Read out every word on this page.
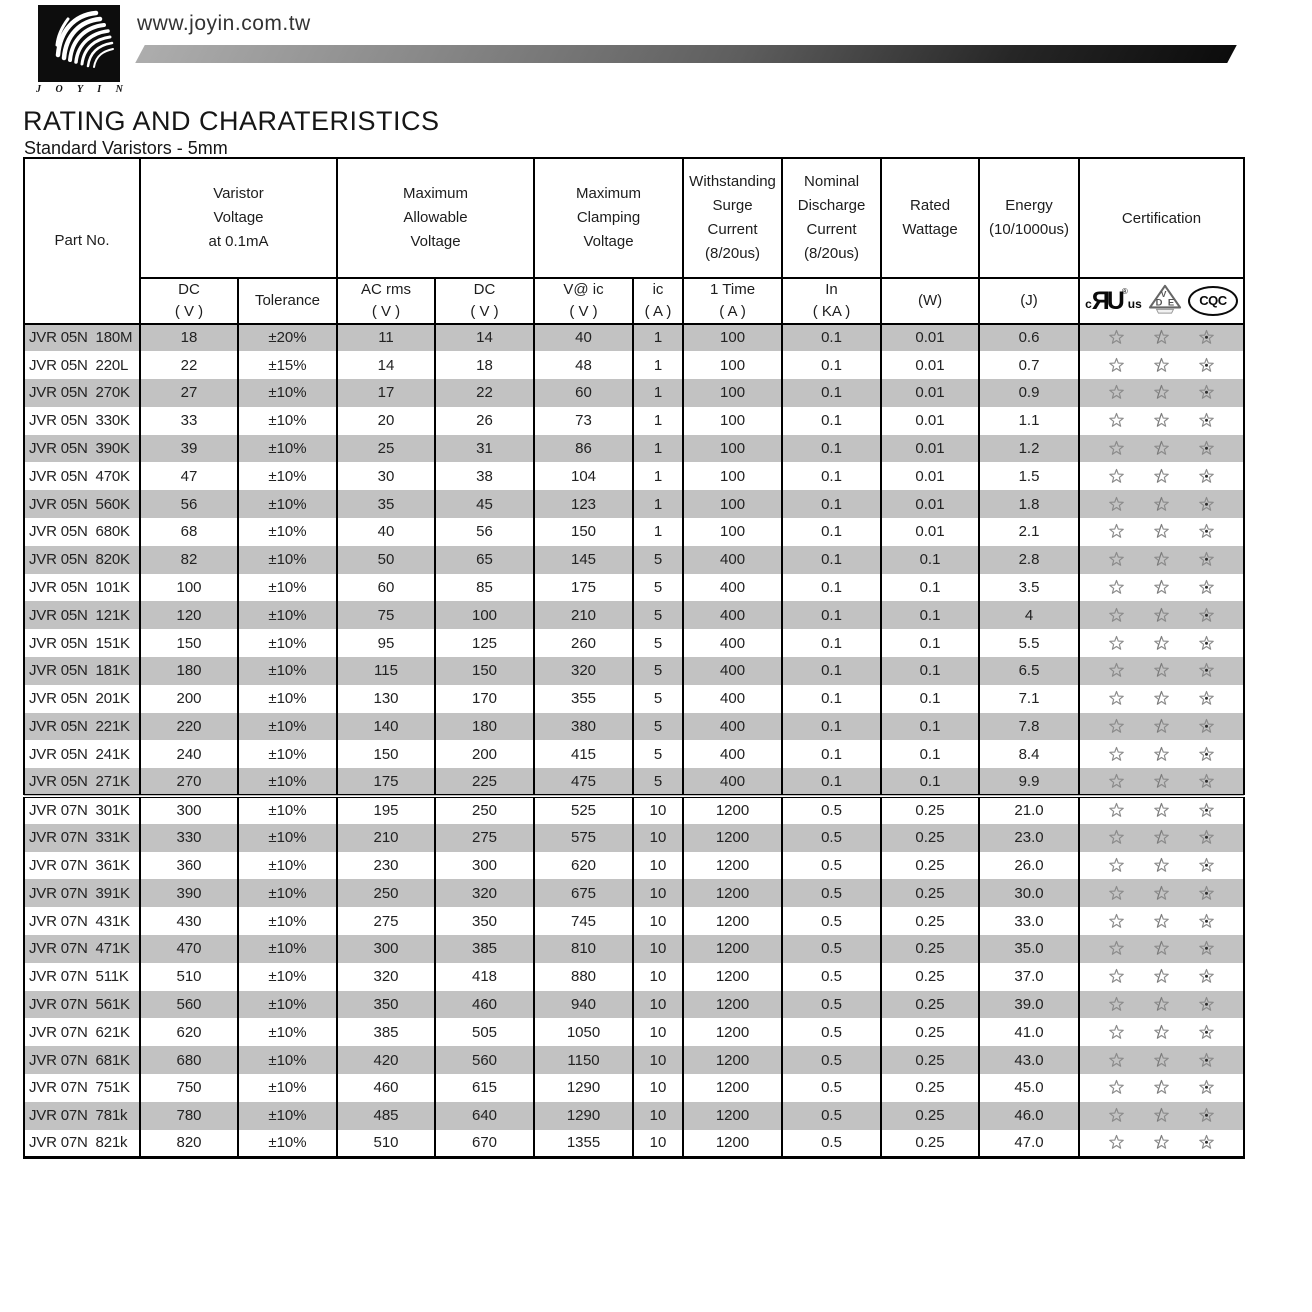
J O Y I N
www.joyin.com.tw
RATING AND CHARATERISTICS
Standard Varistors - 5mm
Part No.

Varistor
Voltage
at 0.1mA

Maximum
Allowable
Voltage

Maximum
Clamping
Voltage

Withstanding
Surge
Current
(8/20us)

Nominal
Discharge
Current
(8/20us)

Rated
Wattage

Energy
(10/1000us)

Certification

DC
( V )

Tolerance

AC rms
( V )

DC
( V )

V@ ic
( V )

ic
( A )

1 Time
( A )

In
( KA )

(W)	(J)	c ЯU ®
us
V
D E CQC

JVR 05N  180M	18	±20%	11	14	40	1	100	0.1	0.01	0.6	

JVR 05N  220L	22	±15%	14	18	48	1	100	0.1	0.01	0.7	

JVR 05N  270K	27	±10%	17	22	60	1	100	0.1	0.01	0.9	

JVR 05N  330K	33	±10%	20	26	73	1	100	0.1	0.01	1.1	

JVR 05N  390K	39	±10%	25	31	86	1	100	0.1	0.01	1.2	

JVR 05N  470K	47	±10%	30	38	104	1	100	0.1	0.01	1.5	

JVR 05N  560K	56	±10%	35	45	123	1	100	0.1	0.01	1.8	

JVR 05N  680K	68	±10%	40	56	150	1	100	0.1	0.01	2.1	

JVR 05N  820K	82	±10%	50	65	145	5	400	0.1	0.1	2.8	

JVR 05N  101K	100	±10%	60	85	175	5	400	0.1	0.1	3.5	

JVR 05N  121K	120	±10%	75	100	210	5	400	0.1	0.1	4	

JVR 05N  151K	150	±10%	95	125	260	5	400	0.1	0.1	5.5	

JVR 05N  181K	180	±10%	115	150	320	5	400	0.1	0.1	6.5	

JVR 05N  201K	200	±10%	130	170	355	5	400	0.1	0.1	7.1	

JVR 05N  221K	220	±10%	140	180	380	5	400	0.1	0.1	7.8	

JVR 05N  241K	240	±10%	150	200	415	5	400	0.1	0.1	8.4	

JVR 05N  271K	270	±10%	175	225	475	5	400	0.1	0.1	9.9	

JVR 07N  301K	300	±10%	195	250	525	10	1200	0.5	0.25	21.0	

JVR 07N  331K	330	±10%	210	275	575	10	1200	0.5	0.25	23.0	

JVR 07N  361K	360	±10%	230	300	620	10	1200	0.5	0.25	26.0	

JVR 07N  391K	390	±10%	250	320	675	10	1200	0.5	0.25	30.0	

JVR 07N  431K	430	±10%	275	350	745	10	1200	0.5	0.25	33.0	

JVR 07N  471K	470	±10%	300	385	810	10	1200	0.5	0.25	35.0	

JVR 07N  511K	510	±10%	320	418	880	10	1200	0.5	0.25	37.0	

JVR 07N  561K	560	±10%	350	460	940	10	1200	0.5	0.25	39.0	

JVR 07N  621K	620	±10%	385	505	1050	10	1200	0.5	0.25	41.0	

JVR 07N  681K	680	±10%	420	560	1150	10	1200	0.5	0.25	43.0	

JVR 07N  751K	750	±10%	460	615	1290	10	1200	0.5	0.25	45.0	

JVR 07N  781k	780	±10%	485	640	1290	10	1200	0.5	0.25	46.0	

JVR 07N  821k	820	±10%	510	670	1355	10	1200	0.5	0.25	47.0	
